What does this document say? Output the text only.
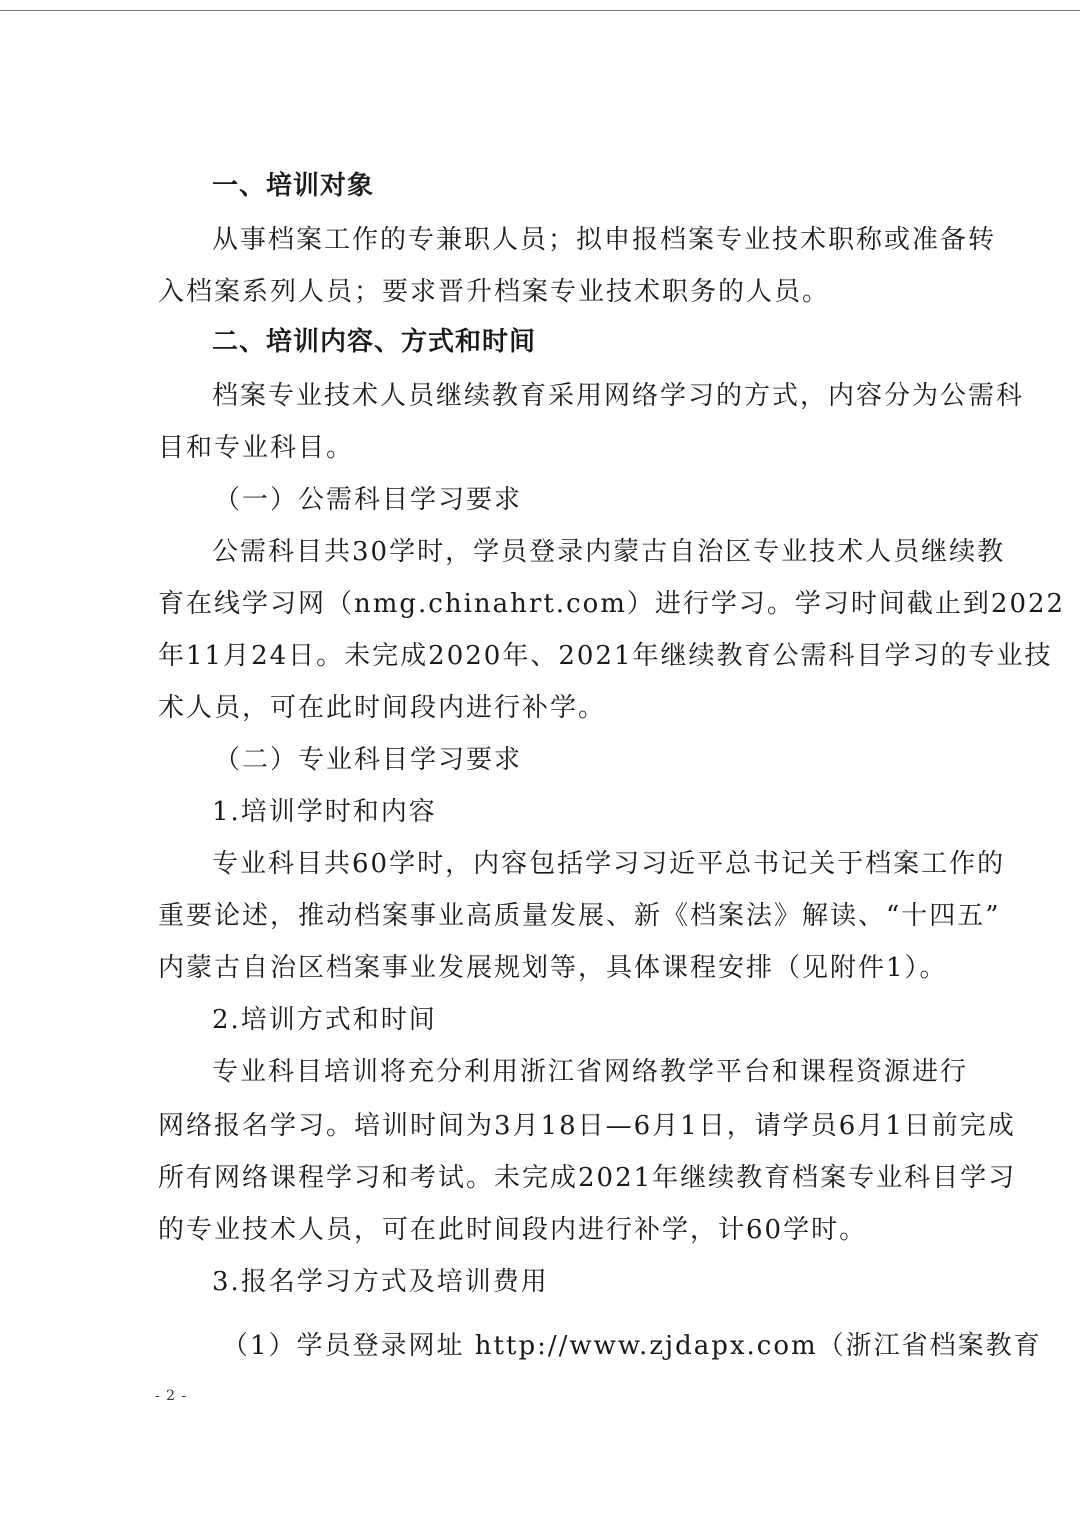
一、培训对象
从事档案工作的专兼职人员；拟申报档案专业技术职称或准备转
入档案系列人员；要求晋升档案专业技术职务的人员。
二、培训内容、方式和时间
档案专业技术人员继续教育采用网络学习的方式，内容分为公需科
目和专业科目。
（一）公需科目学习要求
公需科目共30学时，学员登录内蒙古自治区专业技术人员继续教
育在线学习网（nmg.chinahrt.com）进行学习。学习时间截止到2022
年11月24日。未完成2020年、2021年继续教育公需科目学习的专业技
术人员，可在此时间段内进行补学。
（二）专业科目学习要求
1.培训学时和内容
专业科目共60学时，内容包括学习习近平总书记关于档案工作的
重要论述，推动档案事业高质量发展、新《档案法》解读、“十四五”
内蒙古自治区档案事业发展规划等，具体课程安排（见附件1）。
2.培训方式和时间
专业科目培训将充分利用浙江省网络教学平台和课程资源进行
网络报名学习。培训时间为3月18日—6月1日，请学员6月1日前完成
所有网络课程学习和考试。未完成2021年继续教育档案专业科目学习
的专业技术人员，可在此时间段内进行补学，计60学时。
3.报名学习方式及培训费用
（1）学员登录网址 http://www.zjdapx.com（浙江省档案教育
- 2 -
